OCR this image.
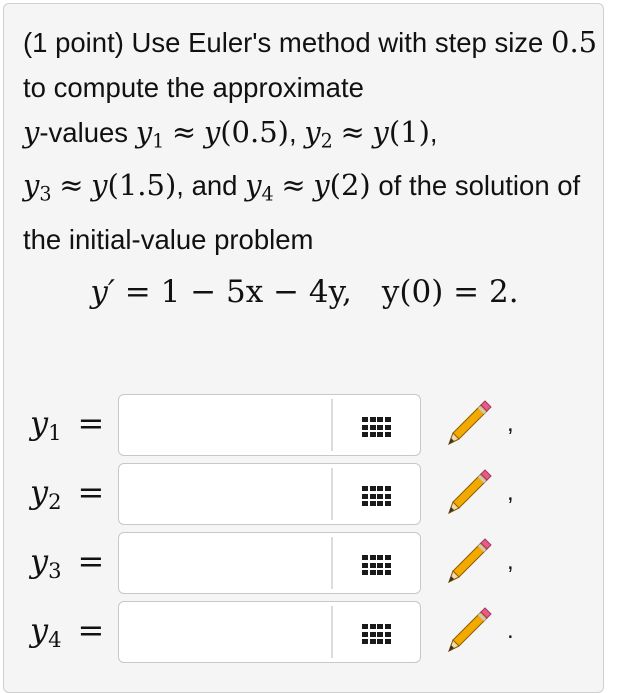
(1 point) Use Euler's method with step size 0.5 to compute the approximate
y-values $y_1 \approx y(0.5)$, $y_2 \approx y(1)$,
$y_3 \approx y(1.5)$, and $y_4 \approx y(2)$ of the solution of the initial-value problem
y′ = 1 − 5x − 4y, y(0) = 2.
$y_1$ =	,
$y_2$ =	,
$y_3$ =	,
$y_4$ =	.
